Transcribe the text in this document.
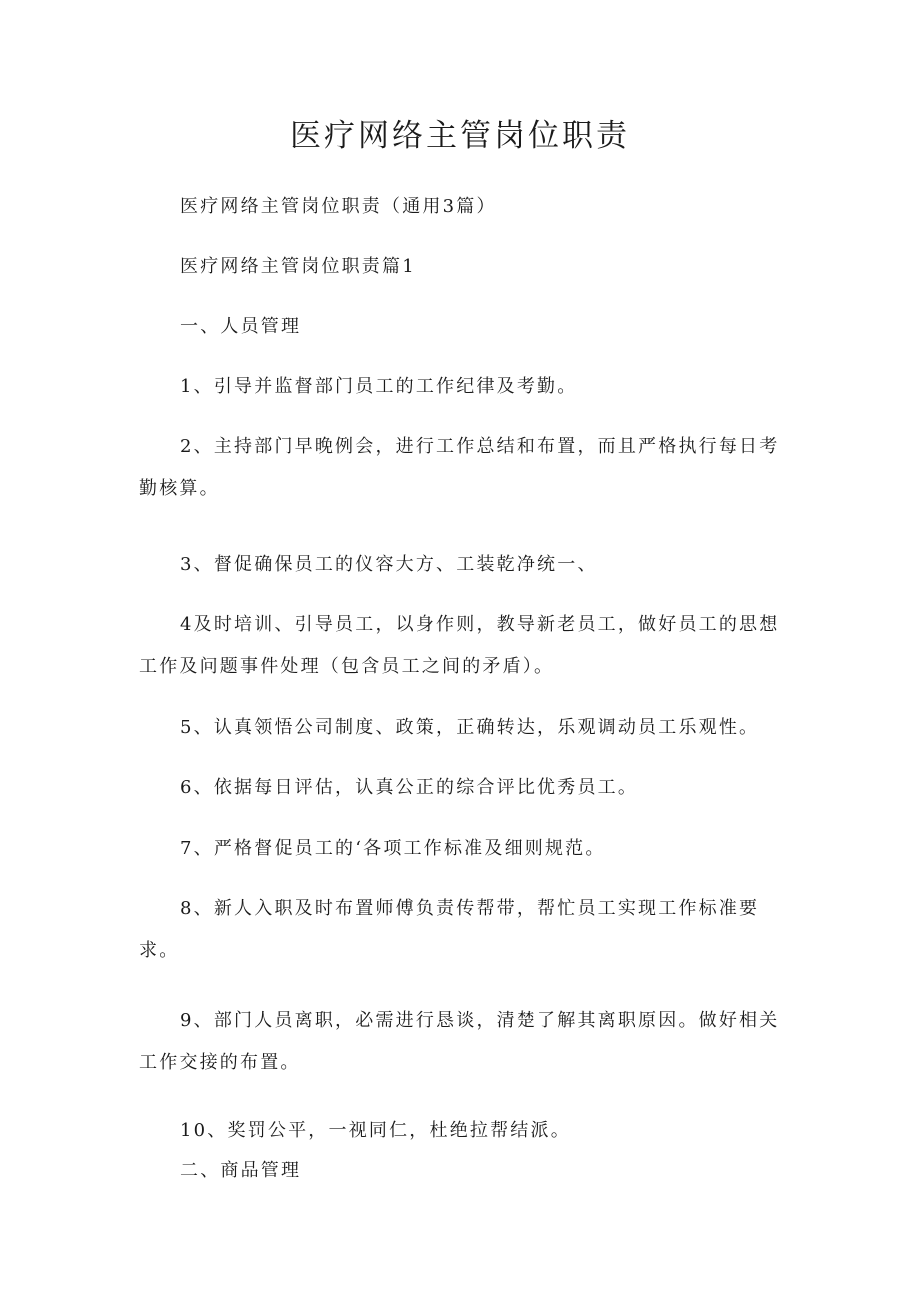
医疗网络主管岗位职责

医疗网络主管岗位职责（通用3篇）

医疗网络主管岗位职责篇1

一、人员管理

1、引导并监督部门员工的工作纪律及考勤。

2、主持部门早晚例会，进行工作总结和布置，而且严格执行每日考勤核算。

3、督促确保员工的仪容大方、工装乾净统一、

4及时培训、引导员工，以身作则，教导新老员工，做好员工的思想工作及问题事件处理（包含员工之间的矛盾）。

5、认真领悟公司制度、政策，正确转达，乐观调动员工乐观性。

6、依据每日评估，认真公正的综合评比优秀员工。

7、严格督促员工的‘各项工作标准及细则规范。

8、新人入职及时布置师傅负责传帮带，帮忙员工实现工作标准要求。

9、部门人员离职，必需进行恳谈，清楚了解其离职原因。做好相关工作交接的布置。

10、奖罚公平，一视同仁，杜绝拉帮结派。

二、商品管理
